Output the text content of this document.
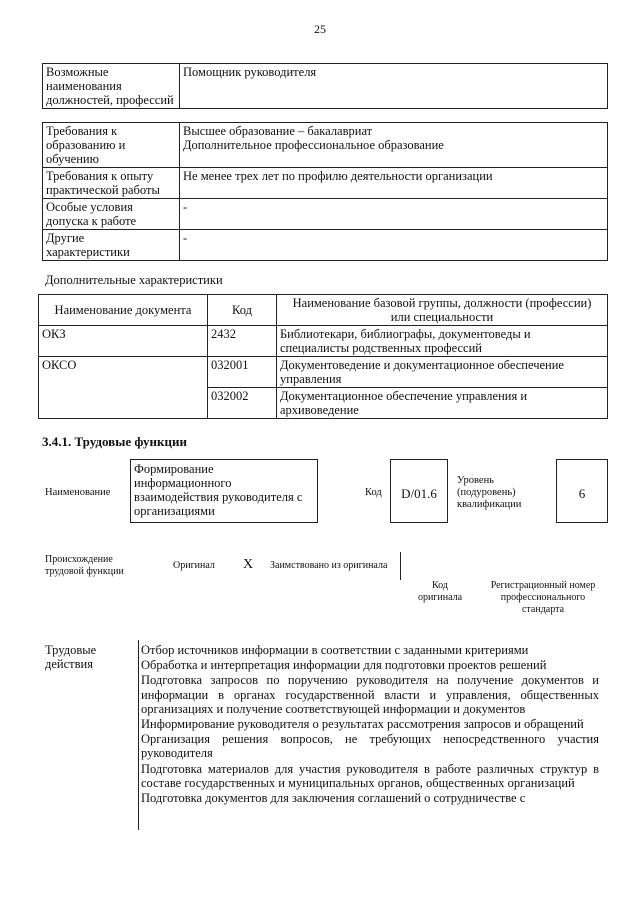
25
Возможные
наименования
должностей, профессий	Помощник руководителя
Требования к
образованию и
обучению	Высшее образование – бакалавриат
Дополнительное профессиональное образование
Требования к опыту
практической работы	Не менее трех лет по профилю деятельности организации
Особые условия
допуска к работе	-
Другие
характеристики	-
Дополнительные характеристики
Наименование документа	Код	Наименование базовой группы, должности (профессии)
или специальности
ОКЗ	2432	Библиотекари, библиографы, документоведы и
специалисты родственных профессий
ОКСО	032001	Документоведение и документационное обеспечение
управления
	032002	Документационное обеспечение управления и
архивоведение
3.4.1. Трудовые функции
Наименование
Формирование
информационного
взаимодействия руководителя с
организациями
Код	D/01.6
Уровень
(подуровень)
квалификации
6
Происхождение
трудовой функции
Оригинал X Заимствовано из оригинала
Код
оригинала
Регистрационный номер
профессионального
стандарта
Трудовые
действия
Отбор источников информации в соответствии с заданными критериями
Обработка и интерпретация информации для подготовки проектов решений
Подготовка запросов по поручению руководителя на получение документов и информации в органах государственной власти и управления, общественных организациях и получение соответствующей информации и документов
Информирование руководителя о результатах рассмотрения запросов и обращений
Организация решения вопросов, не требующих непосредственного участия руководителя
Подготовка материалов для участия руководителя в работе различных структур в составе государственных и муниципальных органов, общественных организаций
Подготовка документов для заключения соглашений о сотрудничестве с
